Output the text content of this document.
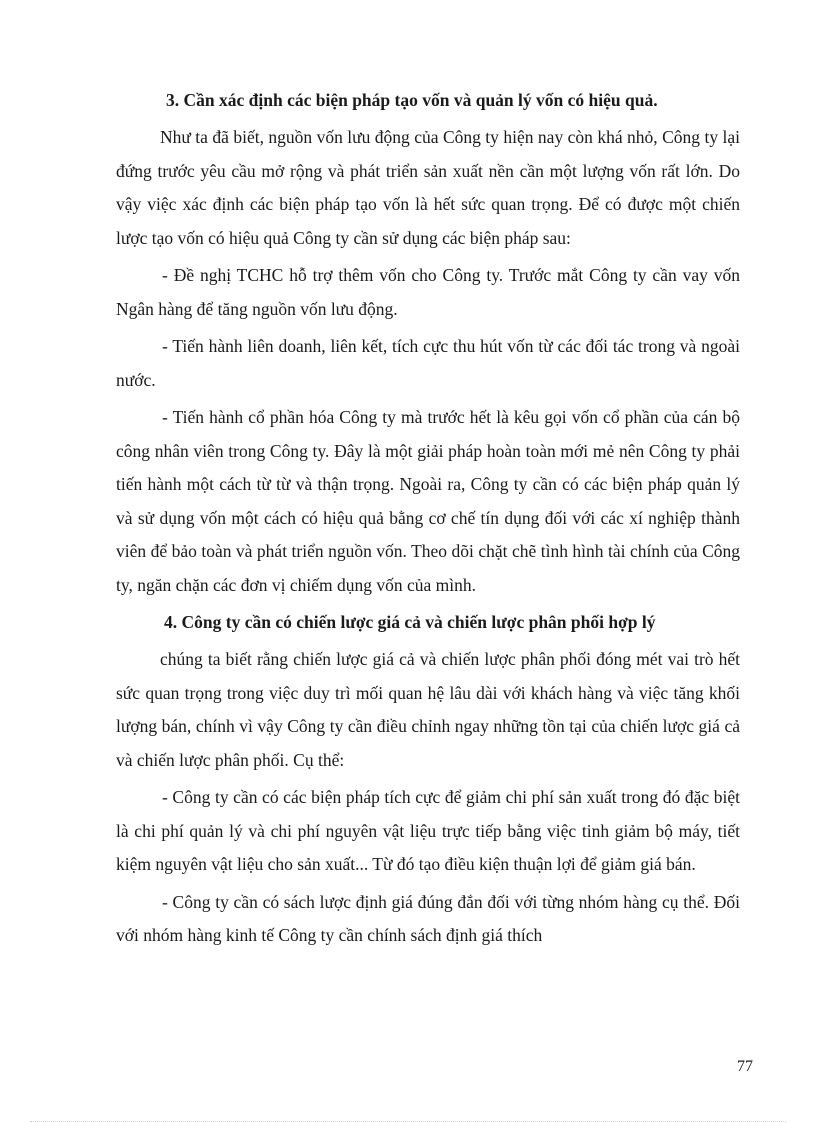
3. Cần xác định các biện pháp tạo vốn và quản lý vốn có hiệu quả.

Như ta đã biết, nguồn vốn lưu động của Công ty hiện nay còn khá nhỏ, Công ty lại đứng trước yêu cầu mở rộng và phát triển sản xuất nền cần một lượng vốn rất lớn. Do vậy việc xác định các biện pháp tạo vốn là hết sức quan trọng. Để có được một chiến lược tạo vốn có hiệu quả Công ty cần sử dụng các biện pháp sau:

- Đề nghị TCHC hỗ trợ thêm vốn cho Công ty. Trước mắt Công ty cần vay vốn Ngân hàng để tăng nguồn vốn lưu động.

- Tiến hành liên doanh, liên kết, tích cực thu hút vốn từ các đối tác trong và ngoài nước.

- Tiến hành cổ phần hóa Công ty mà trước hết là kêu gọi vốn cổ phần của cán bộ công nhân viên trong Công ty. Đây là một giải pháp hoàn toàn mới mẻ nên Công ty phải tiến hành một cách từ từ và thận trọng. Ngoài ra, Công ty cần có các biện pháp quản lý và sử dụng vốn một cách có hiệu quả bằng cơ chế tín dụng đối với các xí nghiệp thành viên để bảo toàn và phát triển nguồn vốn. Theo dõi chặt chẽ tình hình tài chính của Công ty, ngăn chặn các đơn vị chiếm dụng vốn của mình.

4. Công ty cần có chiến lược giá cả và chiến lược phân phối hợp lý

chúng ta biết rằng chiến lược giá cả và chiến lược phân phối đóng mét vai trò hết sức quan trọng trong việc duy trì mối quan hệ lâu dài với khách hàng và việc tăng khối lượng bán, chính vì vậy Công ty cần điều chỉnh ngay những tồn tại của chiến lược giá cả và chiến lược phân phối. Cụ thể:

- Công ty cần có các biện pháp tích cực để giảm chi phí sản xuất trong đó đặc biệt là chi phí quản lý và chi phí nguyên vật liệu trực tiếp bằng việc tinh giảm bộ máy, tiết kiệm nguyên vật liệu cho sản xuất... Từ đó tạo điều kiện thuận lợi để giảm giá bán.

- Công ty cần có sách lược định giá đúng đắn đối với từng nhóm hàng cụ thể. Đối với nhóm hàng kinh tế Công ty cần chính sách định giá thích

77
